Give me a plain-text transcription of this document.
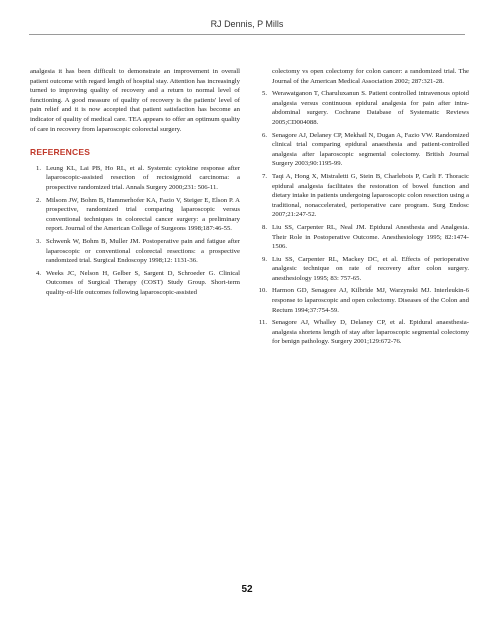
RJ Dennis, P Mills

analgesia it has been difficult to demonstrate an improvement in overall patient outcome with regard length of hospital stay. Attention has increasingly turned to improving quality of recovery and a return to normal level of functioning. A good measure of quality of recovery is the patients' level of pain relief and it is now accepted that patient satisfaction has become an indicator of quality of medical care. TEA appears to offer an optimum quality of care in recovery from laparoscopic colorectal surgery.

REFERENCES
1. Leung KL, Lai PB, Ho RL, et al. Systemic cytokine response after laparoscopic-assisted resection of rectosigmoid carcinoma: a prospective randomized trial. Annals Surgery 2000;231: 506-11.
2. Milsom JW, Bohm B, Hammerhofer KA, Fazio V, Steiger E, Elson P. A prospective, randomized trial comparing laparoscopic versus conventional techniques in colorectal cancer surgery: a preliminary report. Journal of the American College of Surgeons 1998;187:46-55.
3. Schwenk W, Bohm B, Muller JM. Postoperative pain and fatigue after laparoscopic or conventional colorectal resections: a prospective randomized trial. Surgical Endoscopy 1998;12: 1131-36.
4. Weeks JC, Nelson H, Gelber S, Sargent D, Schroeder G. Clinical Outcomes of Surgical Therapy (COST) Study Group. Short-term quality-of-life outcomes following laparoscopic-assisted
colectomy vs open colectomy for colon cancer: a randomized trial. The Journal of the American Medical Association 2002; 287:321-28.
5. Werawatganon T, Charuluxanun S. Patient controlled intravenous opioid analgesia versus continuous epidural analgesia for pain after intra-abdominal surgery. Cochrane Database of Systematic Reviews 2005;CD004088.
6. Senagore AJ, Delaney CP, Mekhail N, Dugan A, Fazio VW. Randomized clinical trial comparing epidural anaesthesia and patient-controlled analgesia after laparoscopic segmental colectomy. British Journal Surgery 2003;90:1195-99.
7. Taqi A, Hong X, Mistraletti G, Stein B, Charlebois P, Carli F. Thoracic epidural analgesia facilitates the restoration of bowel function and dietary intake in patients undergoing laparoscopic colon resection using a traditional, nonaccelerated, perioperative care program. Surg Endosc 2007;21:247-52.
8. Liu SS, Carpenter RL, Neal JM. Epidural Anesthesia and Analgesia. Their Role in Postoperative Outcome. Anesthesiology 1995; 82:1474-1506.
9. Liu SS, Carpenter RL, Mackey DC, et al. Effects of perioperative analgesic technique on rate of recovery after colon surgery. anesthesiology 1995; 83: 757-65.
10. Harmon GD, Senagore AJ, Kilbride MJ, Warzynski MJ. Interleukin-6 response to laparoscopic and open colectomy. Diseases of the Colon and Rectum 1994;37:754-59.
11. Senagore AJ, Whalley D, Delaney CP, et al. Epidural anaesthesia-analgesia shortens length of stay after laparoscopic segmental colectomy for benign pathology. Surgery 2001;129:672-76.
52
